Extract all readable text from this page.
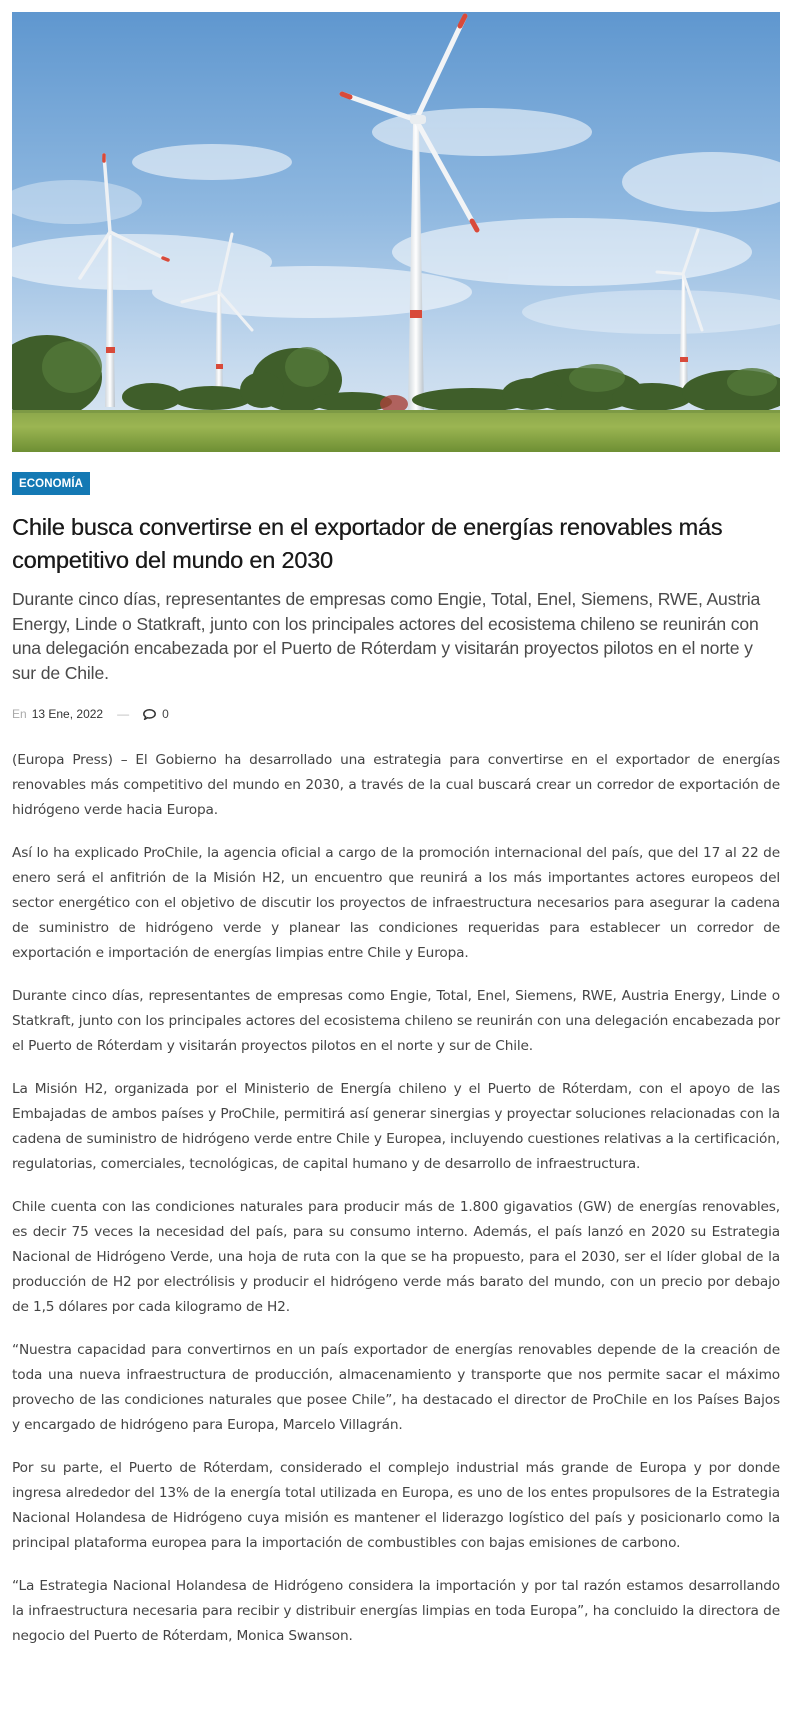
ECONOMÍA
Chile busca convertirse en el exportador de energías renovables más competitivo del mundo en 2030

Durante cinco días, representantes de empresas como Engie, Total, Enel, Siemens, RWE, Austria Energy, Linde o Statkraft, junto con los principales actores del ecosistema chileno se reunirán con una delegación encabezada por el Puerto de Róterdam y visitarán proyectos pilotos en el norte y sur de Chile.

En 13 Ene, 2022 —	0

(Europa Press) – El Gobierno ha desarrollado una estrategia para convertirse en el exportador de energías renovables más competitivo del mundo en 2030, a través de la cual buscará crear un corredor de exportación de hidrógeno verde hacia Europa.

Así lo ha explicado ProChile, la agencia oficial a cargo de la promoción internacional del país, que del 17 al 22 de enero será el anfitrión de la Misión H2, un encuentro que reunirá a los más importantes actores europeos del sector energético con el objetivo de discutir los proyectos de infraestructura necesarios para asegurar la cadena de suministro de hidrógeno verde y planear las condiciones requeridas para establecer un corredor de exportación e importación de energías limpias entre Chile y Europa.

Durante cinco días, representantes de empresas como Engie, Total, Enel, Siemens, RWE, Austria Energy, Linde o Statkraft, junto con los principales actores del ecosistema chileno se reunirán con una delegación encabezada por el Puerto de Róterdam y visitarán proyectos pilotos en el norte y sur de Chile.

La Misión H2, organizada por el Ministerio de Energía chileno y el Puerto de Róterdam, con el apoyo de las Embajadas de ambos países y ProChile, permitirá así generar sinergias y proyectar soluciones relacionadas con la cadena de suministro de hidrógeno verde entre Chile y Europea, incluyendo cuestiones relativas a la certificación, regulatorias, comerciales, tecnológicas, de capital humano y de desarrollo de infraestructura.

Chile cuenta con las condiciones naturales para producir más de 1.800 gigavatios (GW) de energías renovables, es decir 75 veces la necesidad del país, para su consumo interno. Además, el país lanzó en 2020 su Estrategia Nacional de Hidrógeno Verde, una hoja de ruta con la que se ha propuesto, para el 2030, ser el líder global de la producción de H2 por electrólisis y producir el hidrógeno verde más barato del mundo, con un precio por debajo de 1,5 dólares por cada kilogramo de H2.

“Nuestra capacidad para convertirnos en un país exportador de energías renovables depende de la creación de toda una nueva infraestructura de producción, almacenamiento y transporte que nos permite sacar el máximo provecho de las condiciones naturales que posee Chile”, ha destacado el director de ProChile en los Países Bajos y encargado de hidrógeno para Europa, Marcelo Villagrán.

Por su parte, el Puerto de Róterdam, considerado el complejo industrial más grande de Europa y por donde ingresa alrededor del 13% de la energía total utilizada en Europa, es uno de los entes propulsores de la Estrategia Nacional Holandesa de Hidrógeno cuya misión es mantener el liderazgo logístico del país y posicionarlo como la principal plataforma europea para la importación de combustibles con bajas emisiones de carbono.

“La Estrategia Nacional Holandesa de Hidrógeno considera la importación y por tal razón estamos desarrollando la infraestructura necesaria para recibir y distribuir energías limpias en toda Europa”, ha concluido la directora de negocio del Puerto de Róterdam, Monica Swanson.
